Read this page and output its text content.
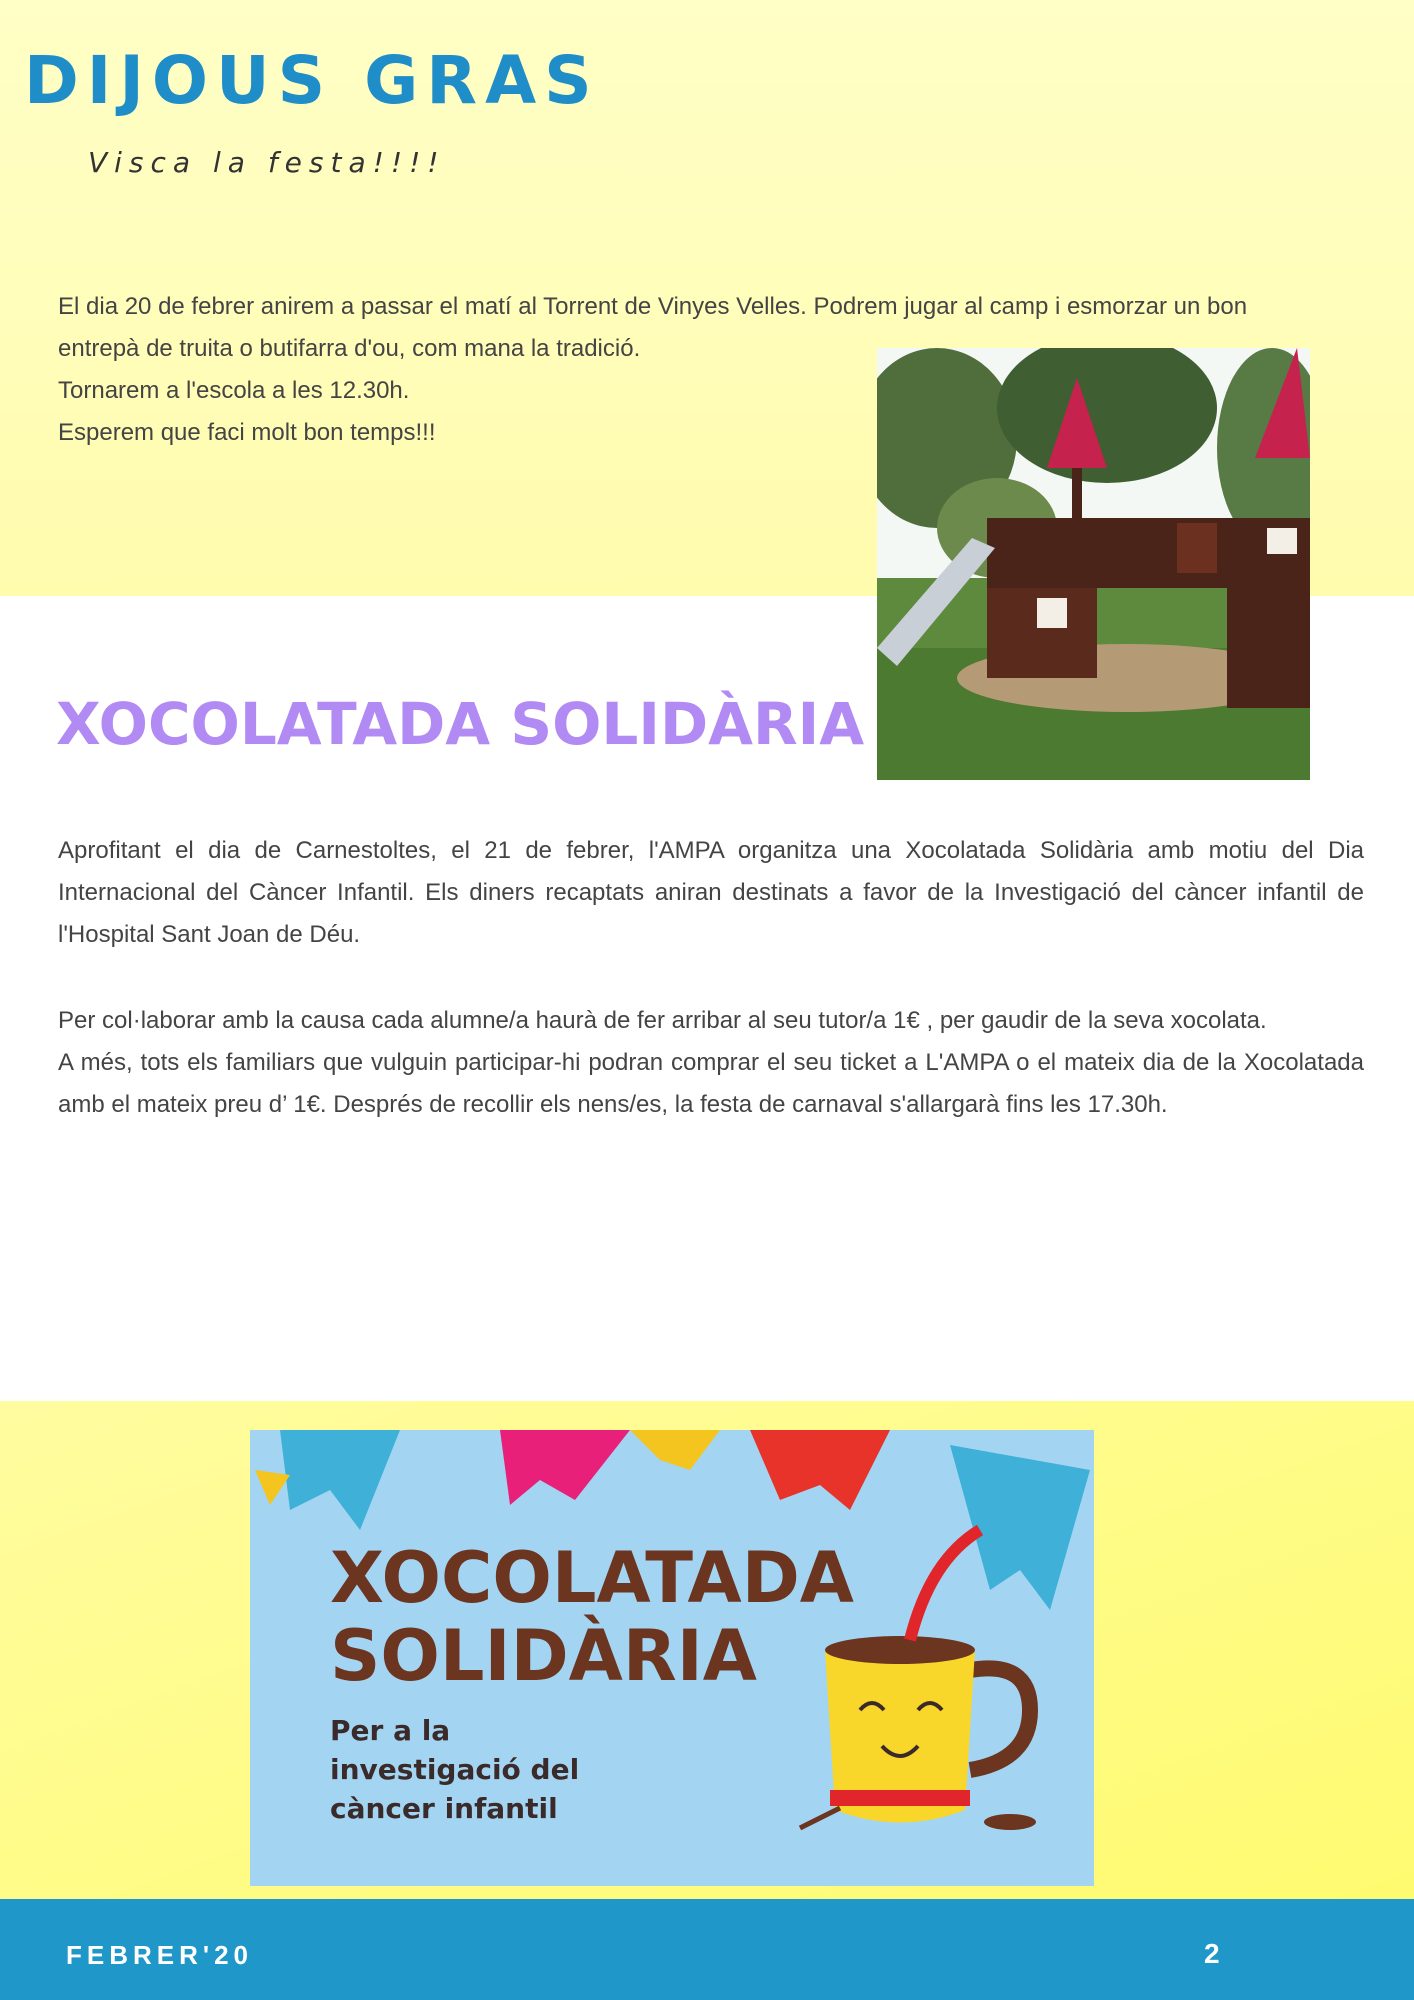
DIJOUS GRAS
Visca la festa!!!!
El dia 20 de febrer anirem a passar el matí al Torrent de Vinyes Velles. Podrem jugar al camp i esmorzar un bon
entrepà de truita o butifarra d'ou, com mana la tradició.
Tornarem a l'escola a les 12.30h.
Esperem que faci molt bon temps!!!
XOCOLATADA SOLIDÀRIA

Aprofitant el dia de Carnestoltes, el 21 de febrer, l'AMPA organitza una Xocolatada Solidària amb motiu del Dia Internacional del Càncer Infantil. Els diners recaptats aniran destinats a favor de la Investigació del càncer infantil de l'Hospital Sant Joan de Déu.

Per col·laborar amb la causa cada alumne/a haurà de fer arribar al seu tutor/a 1€ , per gaudir de la seva xocolata.
A més, tots els familiars que vulguin participar-hi podran comprar el seu ticket a L'AMPA o el mateix dia de la Xocolatada amb el mateix preu d’ 1€. Després de recollir els nens/es, la festa de carnaval s'allargarà fins les 17.30h.
XOCOLATADA
SOLIDÀRIA
Per a la
investigació del
càncer infantil
FEBRER'20	2
